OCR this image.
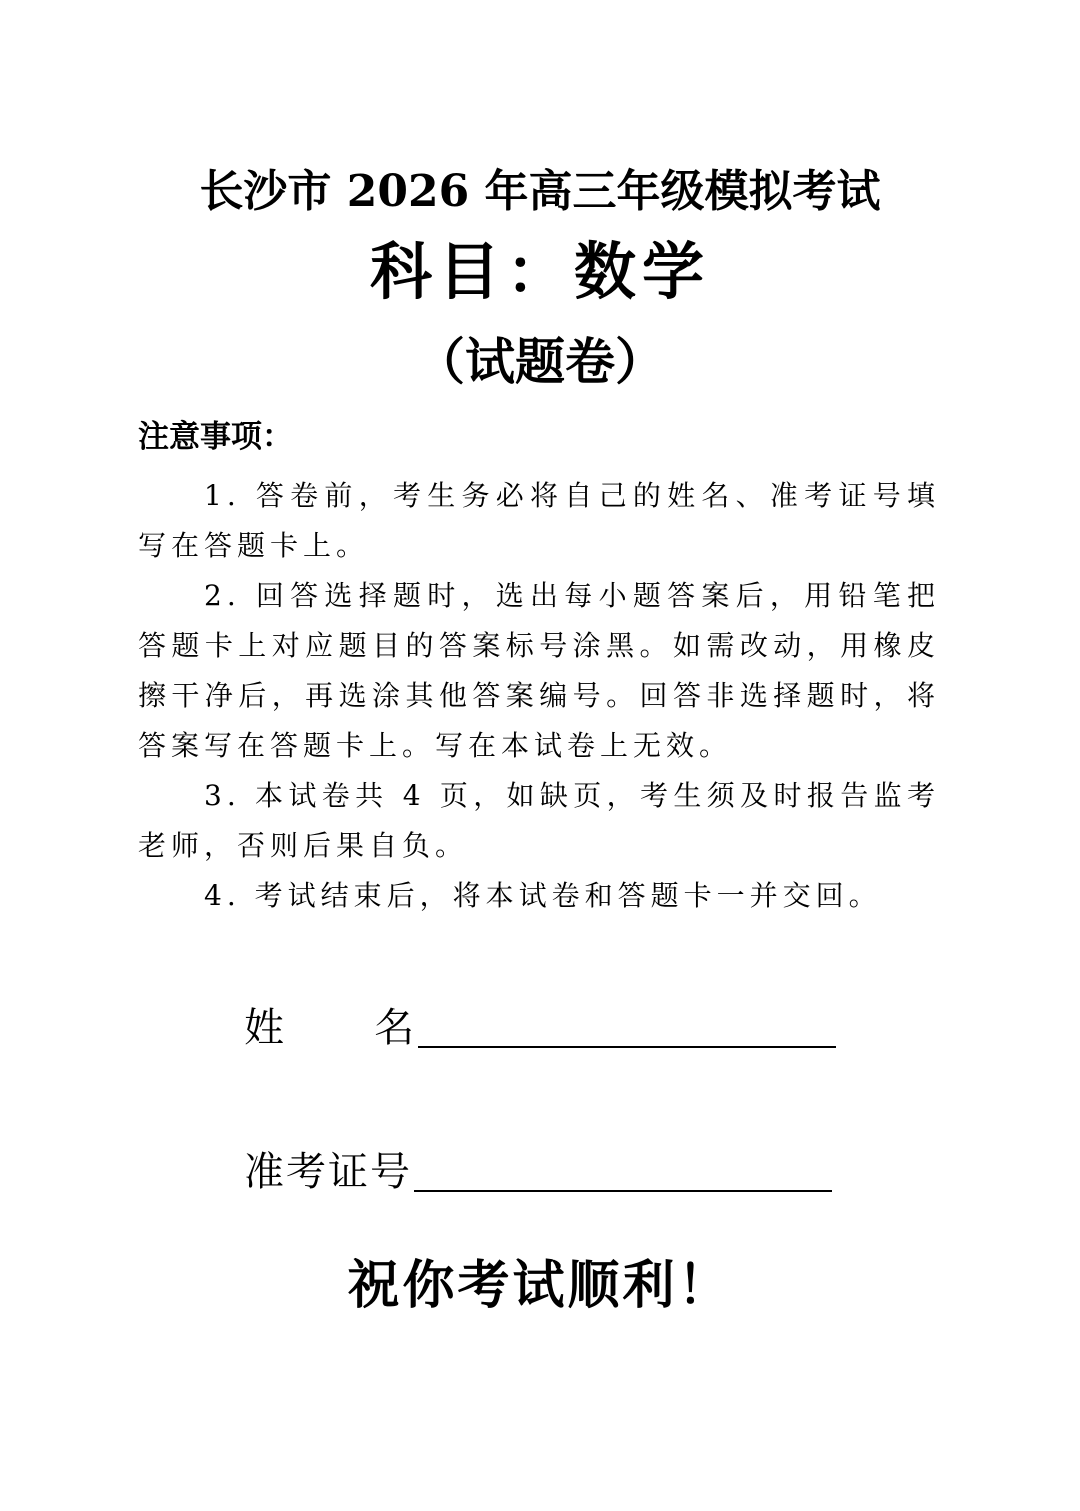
长沙市 2026 年高三年级模拟考试
科目：数学
（试题卷）
注意事项：

1. 答卷前，考生务必将自己的姓名、准考证号填写在答题卡上。

2. 回答选择题时，选出每小题答案后，用铅笔把答题卡上对应题目的答案标号涂黑。如需改动，用橡皮擦干净后，再选涂其他答案编号。回答非选择题时，将答案写在答题卡上。写在本试卷上无效。

3. 本试卷共 4 页，如缺页，考生须及时报告监考老师，否则后果自负。

4. 考试结束后，将本试卷和答题卡一并交回。

姓      名
准考证号
祝你考试顺利！
